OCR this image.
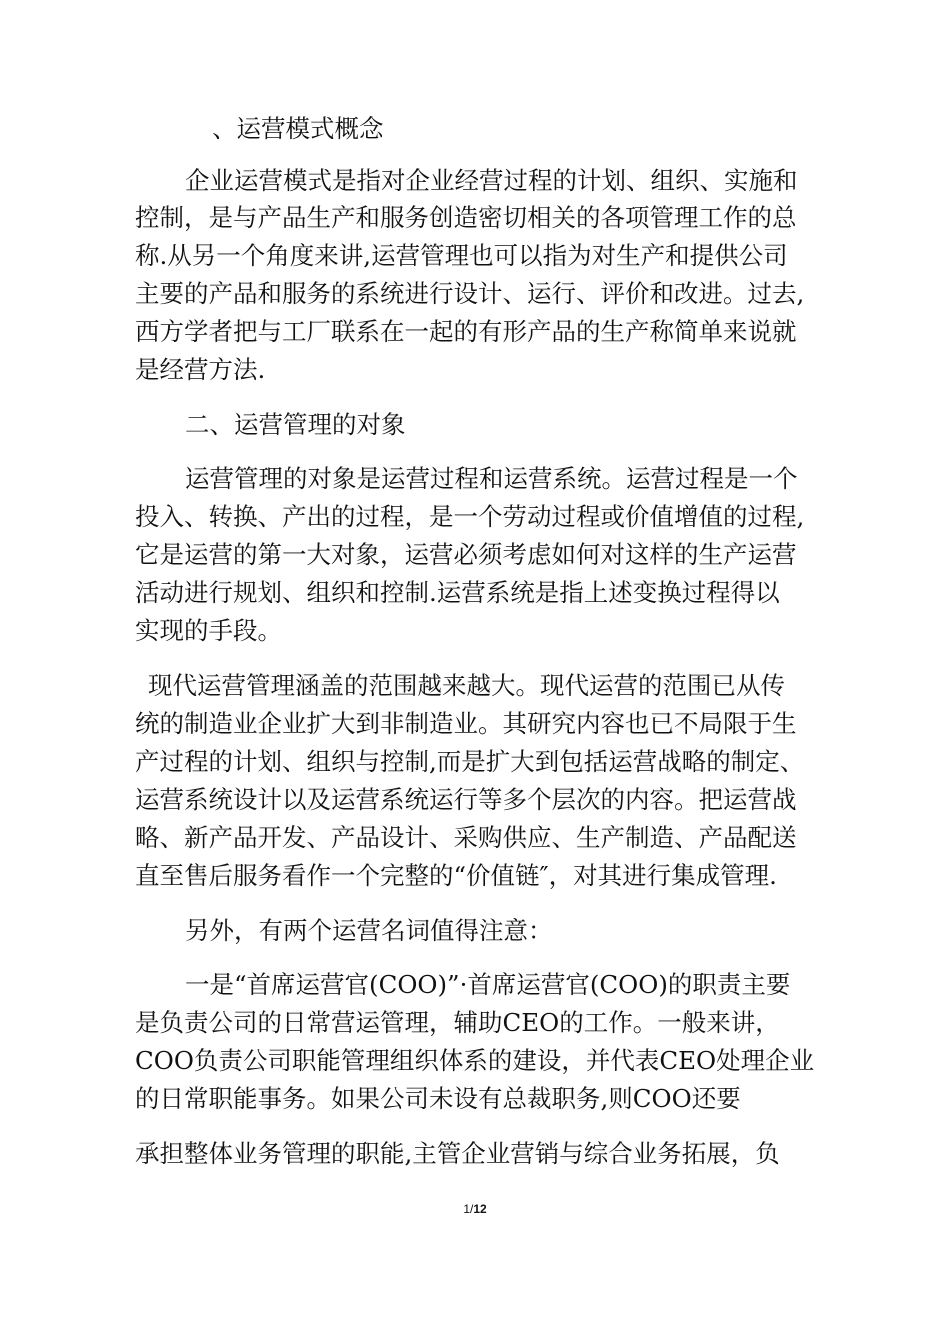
、运营模式概念

企业运营模式是指对企业经营过程的计划、组织、实施和

控制，是与产品生产和服务创造密切相关的各项管理工作的总

称.从另一个角度来讲,运营管理也可以指为对生产和提供公司

主要的产品和服务的系统进行设计、运行、评价和改进。过去,

西方学者把与工厂联系在一起的有形产品的生产称简单来说就

是经营方法.

二、运营管理的对象

运营管理的对象是运营过程和运营系统。运营过程是一个

投入、转换、产出的过程，是一个劳动过程或价值增值的过程,

它是运营的第一大对象，运营必须考虑如何对这样的生产运营

活动进行规划、组织和控制.运营系统是指上述变换过程得以

实现的手段。

现代运营管理涵盖的范围越来越大。现代运营的范围已从传

统的制造业企业扩大到非制造业。其研究内容也已不局限于生

产过程的计划、组织与控制,而是扩大到包括运营战略的制定、

运营系统设计以及运营系统运行等多个层次的内容。把运营战

略、新产品开发、产品设计、采购供应、生产制造、产品配送

直至售后服务看作一个完整的“价值链″，对其进行集成管理.

另外，有两个运营名词值得注意：

一是“首席运营官(COO)”·首席运营官(COO)的职责主要

是负责公司的日常营运管理，辅助CEO的工作。一般来讲，

COO负责公司职能管理组织体系的建设，并代表CEO处理企业

的日常职能事务。如果公司未设有总裁职务,则COO还要

承担整体业务管理的职能,主管企业营销与综合业务拓展，负

1/12
